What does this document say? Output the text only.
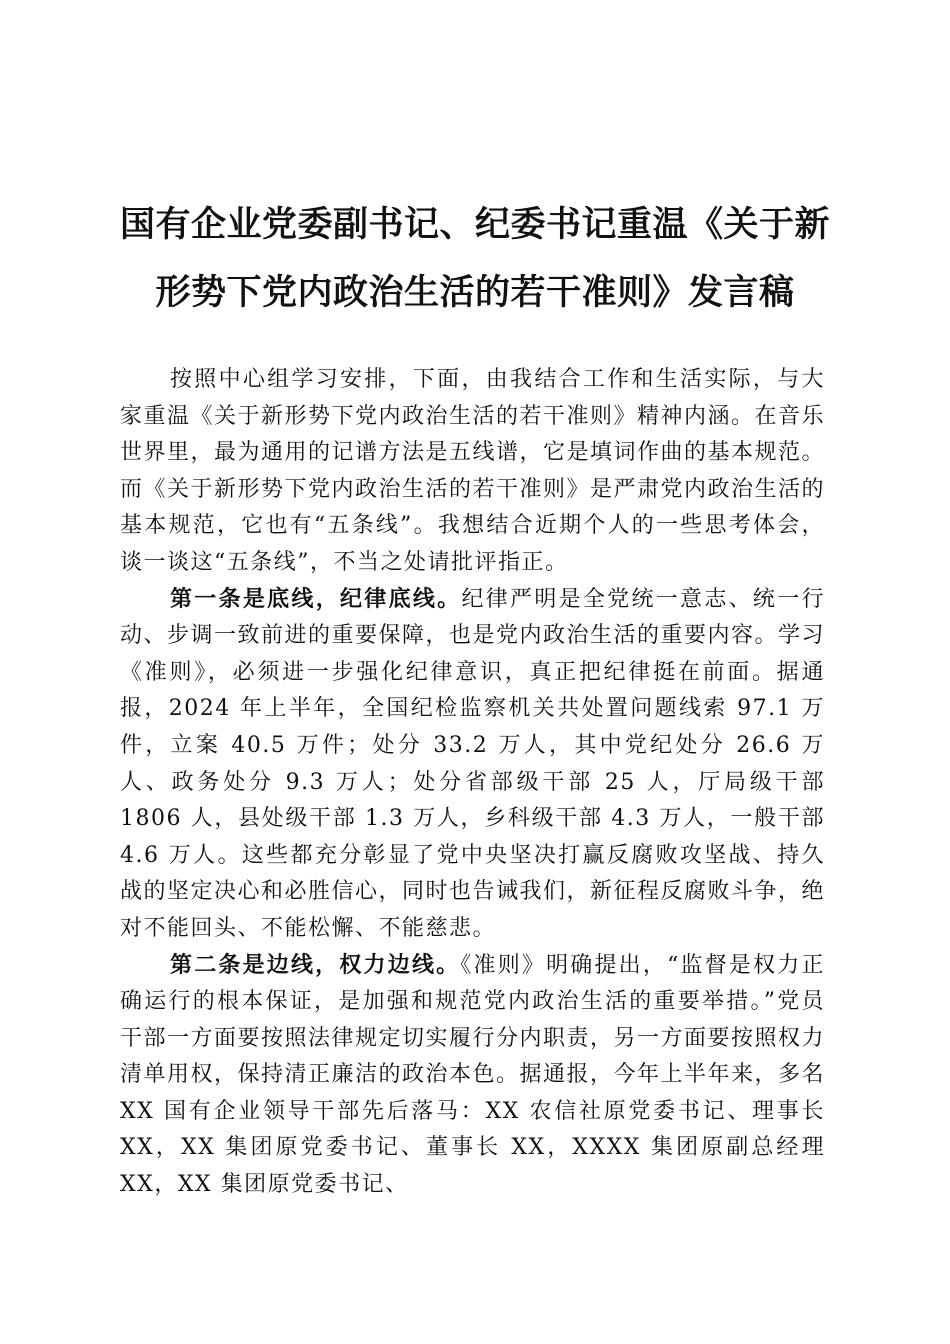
国有企业党委副书记、纪委书记重温《关于新
形势下党内政治生活的若干准则》发言稿

按照中心组学习安排，下面，由我结合工作和生活实际，与大家重温《关于新形势下党内政治生活的若干准则》精神内涵。在音乐世界里，最为通用的记谱方法是五线谱，它是填词作曲的基本规范。而《关于新形势下党内政治生活的若干准则》是严肃党内政治生活的基本规范，它也有“五条线”。我想结合近期个人的一些思考体会，谈一谈这“五条线”，不当之处请批评指正。

第一条是底线，纪律底线。纪律严明是全党统一意志、统一行动、步调一致前进的重要保障，也是党内政治生活的重要内容。学习《准则》，必须进一步强化纪律意识，真正把纪律挺在前面。据通报，2024 年上半年，全国纪检监察机关共处置问题线索 97.1 万件，立案 40.5 万件；处分 33.2 万人，其中党纪处分 26.6 万人、政务处分 9.3 万人；处分省部级干部 25 人，厅局级干部 1806 人，县处级干部 1.3 万人，乡科级干部 4.3 万人，一般干部 4.6 万人。这些都充分彰显了党中央坚决打赢反腐败攻坚战、持久战的坚定决心和必胜信心，同时也告诫我们，新征程反腐败斗争，绝对不能回头、不能松懈、不能慈悲。

第二条是边线，权力边线。《准则》明确提出，“监督是权力正确运行的根本保证，是加强和规范党内政治生活的重要举措。”党员干部一方面要按照法律规定切实履行分内职责，另一方面要按照权力清单用权，保持清正廉洁的政治本色。据通报，今年上半年来，多名 XX 国有企业领导干部先后落马：XX 农信社原党委书记、理事长 XX，XX 集团原党委书记、董事长 XX，XXXX 集团原副总经理 XX，XX 集团原党委书记、
